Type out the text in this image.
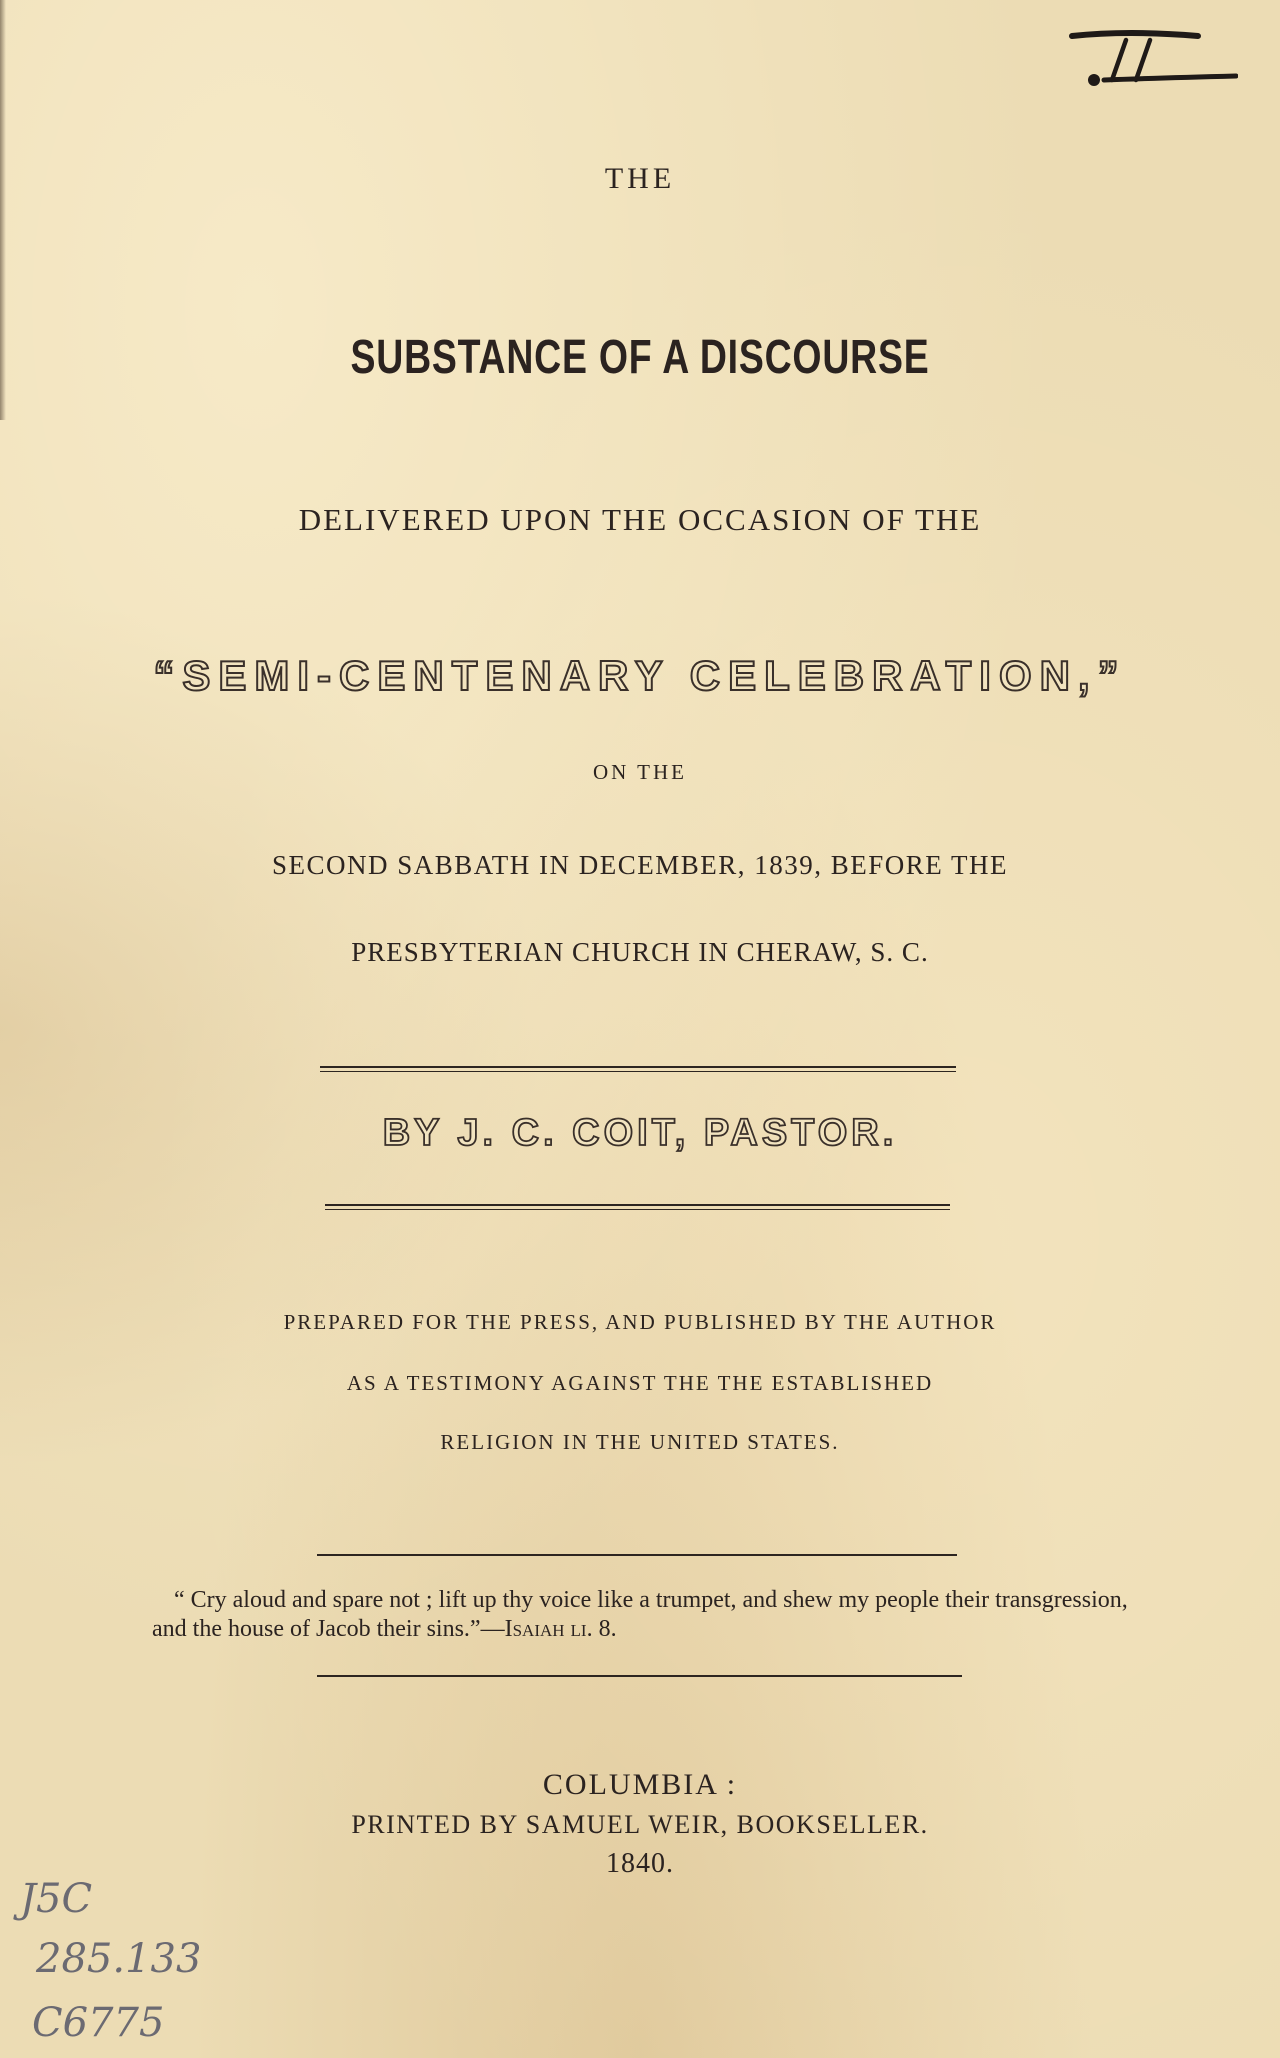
THE
SUBSTANCE OF A DISCOURSE
DELIVERED UPON THE OCCASION OF THE
“SEMI-CENTENARY CELEBRATION,”
ON THE
SECOND SABBATH IN DECEMBER, 1839, BEFORE THE
PRESBYTERIAN CHURCH IN CHERAW, S. C.
BY J. C. COIT, PASTOR.
PREPARED FOR THE PRESS, AND PUBLISHED BY THE AUTHOR
AS A TESTIMONY AGAINST THE THE ESTABLISHED
RELIGION IN THE UNITED STATES.
“ Cry aloud and spare not ; lift up thy voice like a trumpet, and shew my people their transgression, and the house of Jacob their sins.”—Isaiah li. 8.
COLUMBIA :
PRINTED BY SAMUEL WEIR, BOOKSELLER.
1840.
J5C
285.133
C6775
